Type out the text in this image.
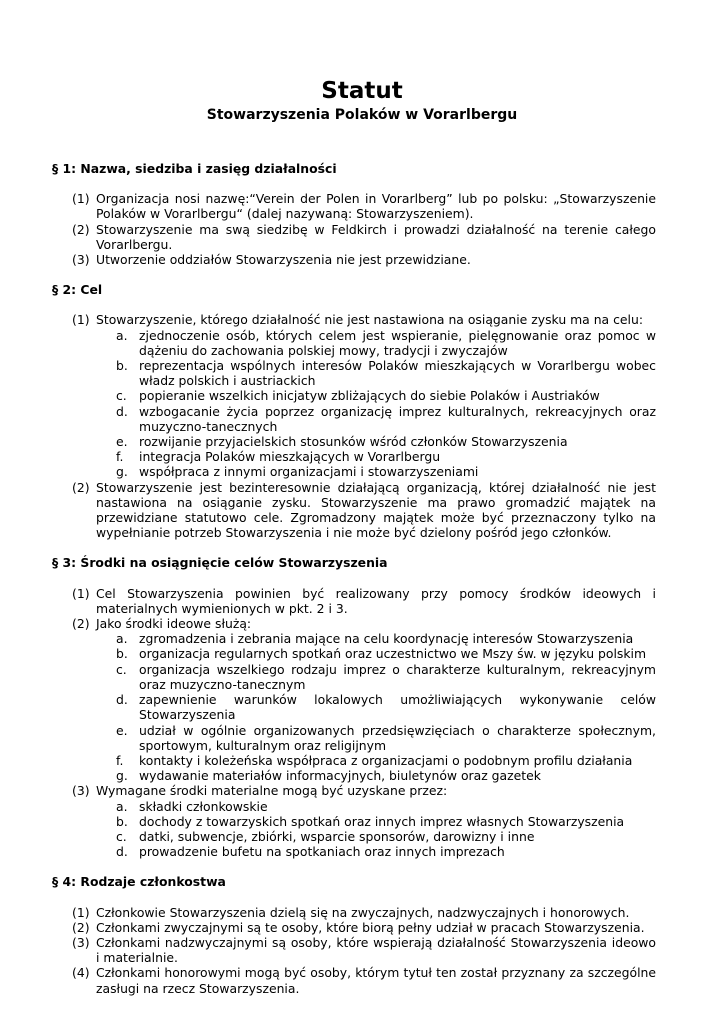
Statut
Stowarzyszenia Polaków w Vorarlbergu
§ 1: Nazwa, siedziba i zasięg działalności
(1) Organizacja nosi nazwę:“Verein der Polen in Vorarlberg” lub po polsku: „Stowarzyszenie Polaków w Vorarlbergu“ (dalej nazywaną: Stowarzyszeniem).
(2) Stowarzyszenie ma swą siedzibę w Feldkirch i prowadzi działalność na terenie całego Vorarlbergu.
(3) Utworzenie oddziałów Stowarzyszenia nie jest przewidziane.
§ 2: Cel
(1) Stowarzyszenie, którego działalność nie jest nastawiona na osiąganie zysku ma na celu:
a. zjednoczenie osób, których celem jest wspieranie, pielęgnowanie oraz pomoc w dążeniu do zachowania polskiej mowy, tradycji i zwyczajów
b. reprezentacja wspólnych interesów Polaków mieszkających w Vorarlbergu wobec władz polskich i austriackich
c. popieranie wszelkich inicjatyw zbliżających do siebie Polaków i Austriaków
d. wzbogacanie życia poprzez organizację imprez kulturalnych, rekreacyjnych oraz muzyczno-tanecznych
e. rozwijanie przyjacielskich stosunków wśród członków Stowarzyszenia
f.	integracja Polaków mieszkających w Vorarlbergu
g. współpraca z innymi organizacjami i stowarzyszeniami
(2) Stowarzyszenie jest bezinteresownie działającą organizacją, której działalność nie jest nastawiona na osiąganie zysku. Stowarzyszenie ma prawo gromadzić majątek na przewidziane statutowo cele. Zgromadzony majątek może być przeznaczony tylko na wypełnianie potrzeb Stowarzyszenia i nie może być dzielony pośród jego członków.
§ 3: Środki na osiągnięcie celów Stowarzyszenia
(1) Cel Stowarzyszenia powinien być realizowany przy pomocy środków ideowych i materialnych wymienionych w pkt. 2 i 3.
(2) Jako środki ideowe służą:
a. zgromadzenia i zebrania mające na celu koordynację interesów Stowarzyszenia
b. organizacja regularnych spotkań oraz uczestnictwo we Mszy św. w języku polskim
c. organizacja wszelkiego rodzaju imprez o charakterze kulturalnym, rekreacyjnym oraz muzyczno-tanecznym
d. zapewnienie warunków lokalowych umożliwiających wykonywanie celów Stowarzyszenia
e. udział w ogólnie organizowanych przedsięwzięciach o charakterze społecznym, sportowym, kulturalnym oraz religijnym
f.	kontakty i koleżeńska współpraca z organizacjami o podobnym profilu działania
g. wydawanie materiałów informacyjnych, biuletynów oraz gazetek
(3) Wymagane środki materialne mogą być uzyskane przez:
a. składki członkowskie
b. dochody z towarzyskich spotkań oraz innych imprez własnych Stowarzyszenia
c. datki, subwencje, zbiórki, wsparcie sponsorów, darowizny i inne
d. prowadzenie bufetu na spotkaniach oraz innych imprezach
§ 4: Rodzaje członkostwa
(1) Członkowie Stowarzyszenia dzielą się na zwyczajnych, nadzwyczajnych i honorowych.
(2) Członkami zwyczajnymi są te osoby, które biorą pełny udział w pracach Stowarzyszenia.
(3) Członkami nadzwyczajnymi są osoby, które wspierają działalność Stowarzyszenia ideowo i materialnie.
(4) Członkami honorowymi mogą być osoby, którym tytuł ten został przyznany za szczególne zasługi na rzecz Stowarzyszenia.
